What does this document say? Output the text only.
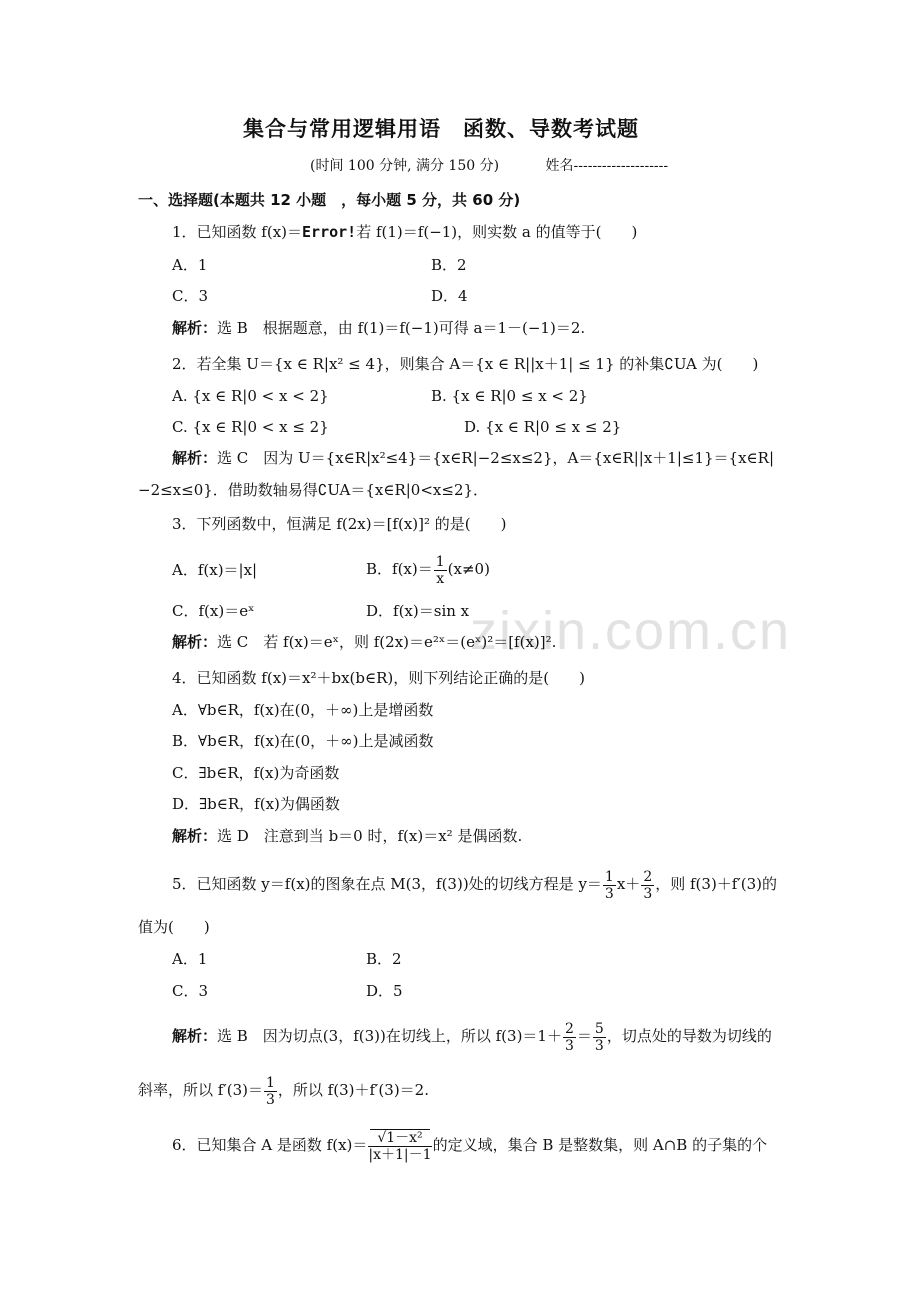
zixin.com.cn
集合与常用逻辑用语　函数、导数考试题
(时间 100 分钟, 满分 150 分)　　　 姓名--------------------
一、选择题(本题共 12 小题　，每小题 5 分，共 60 分)
1．已知函数 f(x)＝Error!若 f(1)＝f(−1)，则实数 a 的值等于(　　)
A．1	B．2
C．3	D．4
解析：选 B　根据题意，由 f(1)＝f(−1)可得 a＝1－(−1)＝2.
2．若全集 U＝{x ∈ R|x² ≤ 4}，则集合 A＝{x ∈ R||x＋1| ≤ 1} 的补集∁UA 为(　　)
A. {x ∈ R|0 < x < 2}	B. {x ∈ R|0 ≤ x < 2}
C. {x ∈ R|0 < x ≤ 2}	D. {x ∈ R|0 ≤ x ≤ 2}
解析：选 C　因为 U＝{x∈R|x²≤4}＝{x∈R|−2≤x≤2}，A＝{x∈R||x＋1|≤1}＝{x∈R|
−2≤x≤0}．借助数轴易得∁UA＝{x∈R|0<x≤2}．
3．下列函数中，恒满足 f(2x)＝[f(x)]² 的是(　　)
A．f(x)＝|x|	B．$f(x)= \frac{1}{x} (x\ne 0)$
C．f(x)＝eˣ	D．f(x)＝sin x
解析：选 C　若 f(x)＝eˣ，则 f(2x)＝e²ˣ＝(eˣ)²＝[f(x)]².
4．已知函数 f(x)＝x²＋bx(b∈R)，则下列结论正确的是(　　)
A．∀b∈R，f(x)在(0，＋∞)上是增函数
B．∀b∈R，f(x)在(0，＋∞)上是减函数
C．∃b∈R，f(x)为奇函数
D．∃b∈R，f(x)为偶函数
解析：选 D　注意到当 b＝0 时，f(x)＝x² 是偶函数.
5．已知函数 y＝f(x)的图象在点 M(3，f(3))处的切线方程是 $y= \frac{1}{3} x+ \frac{2}{3}$ ，则 f(3)＋f′(3)的
值为(　　)
A．1	B．2
C．3	D．5
解析：选 B　因为切点(3，f(3))在切线上，所以 $f(3)=1+ \frac{2}{3} = \frac{5}{3}$ ，切点处的导数为切线的
斜率，所以 $f'(3)= \frac{1}{3}$ ，所以 f(3)＋f′(3)＝2.
6．已知集合 A 是函数 $f(x)= \frac{\text{√1－x²}}{|x+1|-1}$ 的定义域，集合 B 是整数集，则 A∩B 的子集的个
